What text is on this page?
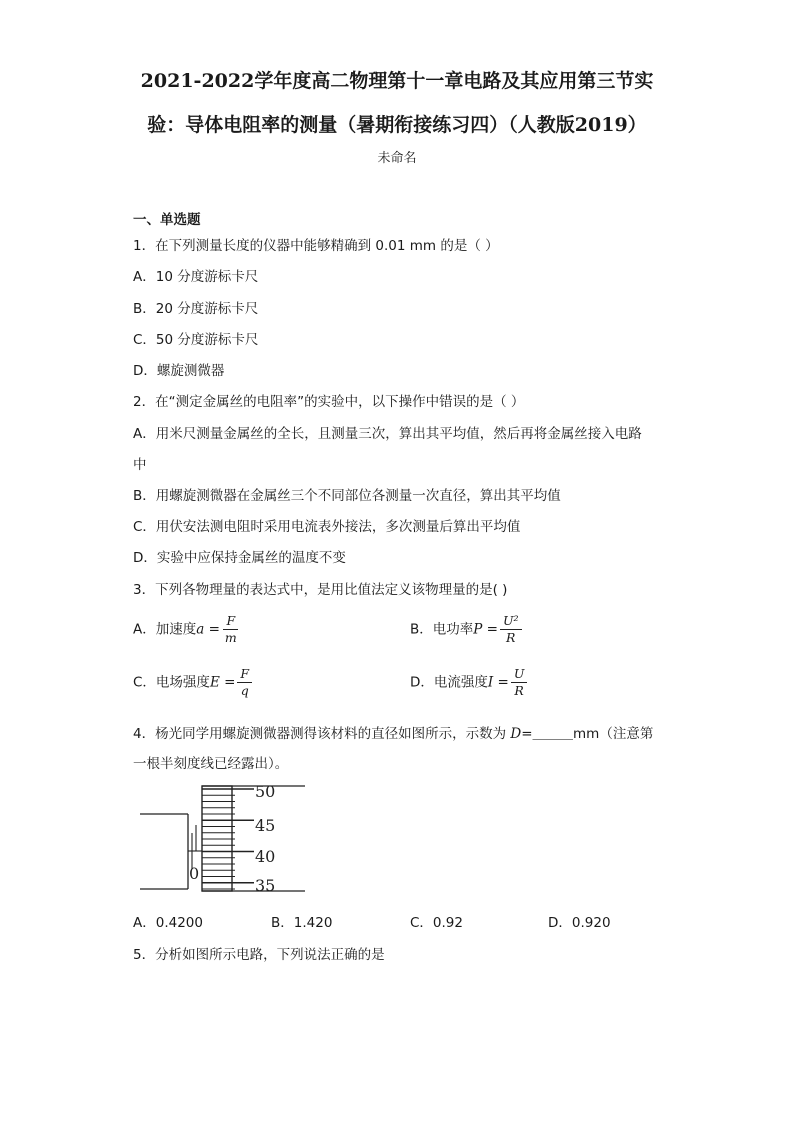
2021-2022学年度高二物理第十一章电路及其应用第三节实
验：导体电阻率的测量（暑期衔接练习四）（人教版2019）
未命名
一、单选题
1．在下列测量长度的仪器中能够精确到 0.01 mm 的是（ ）
A．10 分度游标卡尺
B．20 分度游标卡尺
C．50 分度游标卡尺
D．螺旋测微器
2．在“测定金属丝的电阻率”的实验中，以下操作中错误的是（ ）
A．用米尺测量金属丝的全长，且测量三次，算出其平均值，然后再将金属丝接入电路
中
B．用螺旋测微器在金属丝三个不同部位各测量一次直径，算出其平均值
C．用伏安法测电阻时采用电流表外接法，多次测量后算出平均值
D．实验中应保持金属丝的温度不变
3．下列各物理量的表达式中，是用比值法定义该物理量的是( )
A．加速度$a = \frac{F}{m}$	B．电功率$P = \frac{\text{U²}}{R}$
C．电场强度$E = \frac{F}{q}$	D．电流强度$I = \frac{U}{R}$
4．杨光同学用螺旋测微器测得该材料的直径如图所示，示数为 D=＿＿＿mm（注意第
一根半刻度线已经露出）。
0
50
45
40
35
A．0.4200	B．1.420	C．0.92	D．0.920
5．分析如图所示电路，下列说法正确的是
